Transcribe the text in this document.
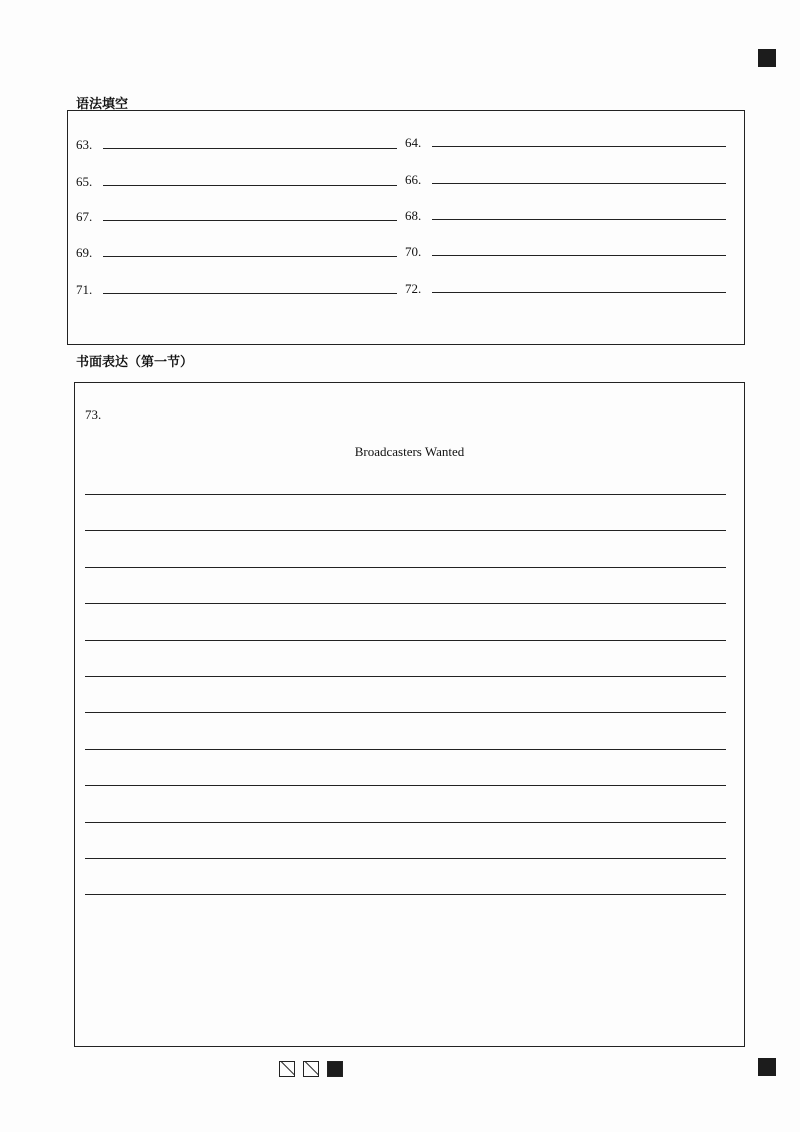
语法填空
63.	64.
65.	66.
67.	68.
69.	70.
71.	72.
书面表达（第一节）
73.
Broadcasters Wanted
